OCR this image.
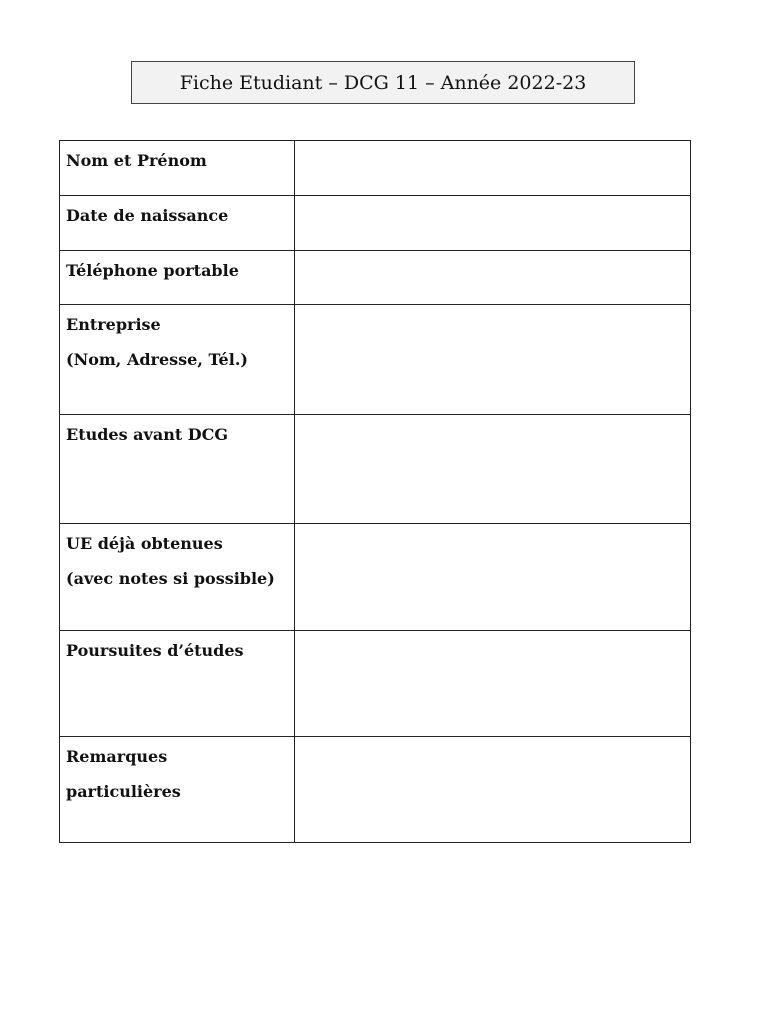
Fiche Etudiant – DCG 11 – Année 2022-23
Nom et Prénom	

Date de naissance	

Téléphone portable	

Entreprise
(Nom, Adresse, Tél.)	

Etudes avant DCG	

UE déjà obtenues
(avec notes si possible)	

Poursuites d’études	

Remarques
particulières	
